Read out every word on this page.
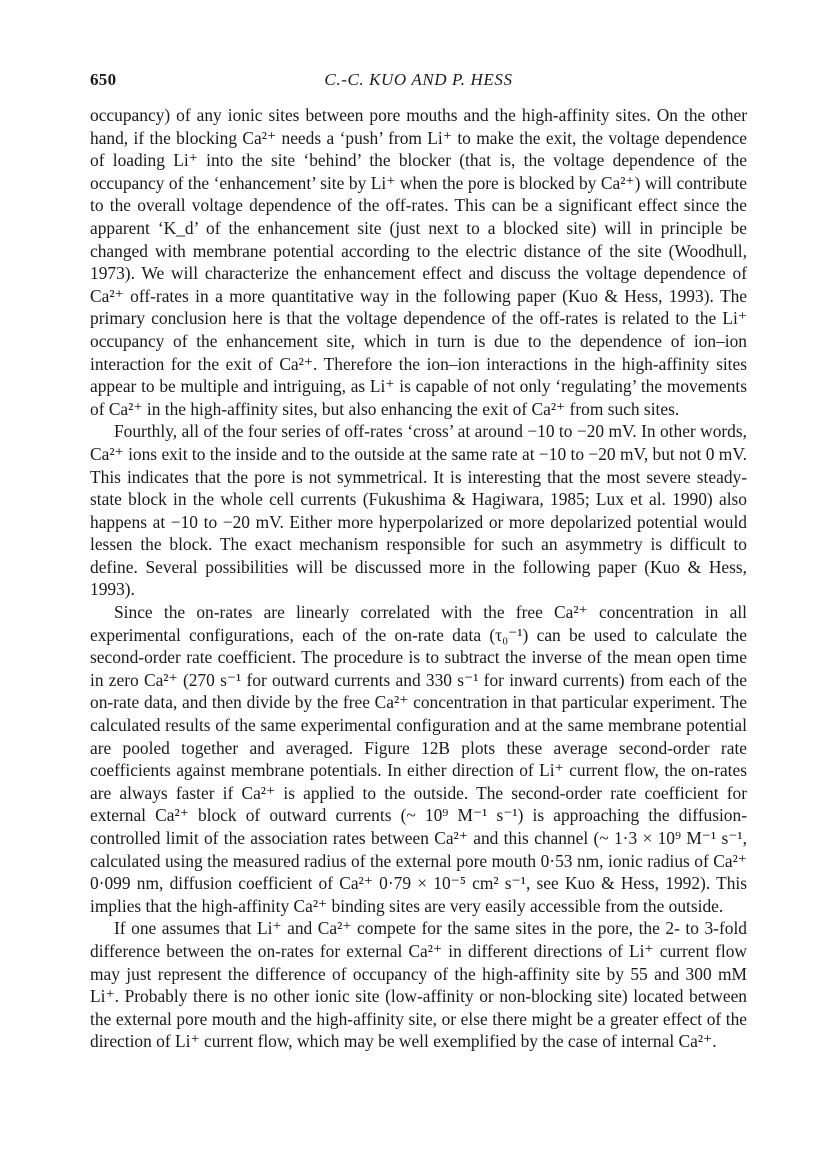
650	C.-C. KUO AND P. HESS

occupancy) of any ionic sites between pore mouths and the high-affinity sites. On the other hand, if the blocking Ca²⁺ needs a ‘push’ from Li⁺ to make the exit, the voltage dependence of loading Li⁺ into the site ‘behind’ the blocker (that is, the voltage dependence of the occupancy of the ‘enhancement’ site by Li⁺ when the pore is blocked by Ca²⁺) will contribute to the overall voltage dependence of the off-rates. This can be a significant effect since the apparent ‘K_d’ of the enhancement site (just next to a blocked site) will in principle be changed with membrane potential according to the electric distance of the site (Woodhull, 1973). We will characterize the enhancement effect and discuss the voltage dependence of Ca²⁺ off-rates in a more quantitative way in the following paper (Kuo & Hess, 1993). The primary conclusion here is that the voltage dependence of the off-rates is related to the Li⁺ occupancy of the enhancement site, which in turn is due to the dependence of ion–ion interaction for the exit of Ca²⁺. Therefore the ion–ion interactions in the high-affinity sites appear to be multiple and intriguing, as Li⁺ is capable of not only ‘regulating’ the movements of Ca²⁺ in the high-affinity sites, but also enhancing the exit of Ca²⁺ from such sites.

Fourthly, all of the four series of off-rates ‘cross’ at around −10 to −20 mV. In other words, Ca²⁺ ions exit to the inside and to the outside at the same rate at −10 to −20 mV, but not 0 mV. This indicates that the pore is not symmetrical. It is interesting that the most severe steady-state block in the whole cell currents (Fukushima & Hagiwara, 1985; Lux et al. 1990) also happens at −10 to −20 mV. Either more hyperpolarized or more depolarized potential would lessen the block. The exact mechanism responsible for such an asymmetry is difficult to define. Several possibilities will be discussed more in the following paper (Kuo & Hess, 1993).

Since the on-rates are linearly correlated with the free Ca²⁺ concentration in all experimental configurations, each of the on-rate data (τ₀⁻¹) can be used to calculate the second-order rate coefficient. The procedure is to subtract the inverse of the mean open time in zero Ca²⁺ (270 s⁻¹ for outward currents and 330 s⁻¹ for inward currents) from each of the on-rate data, and then divide by the free Ca²⁺ concentration in that particular experiment. The calculated results of the same experimental configuration and at the same membrane potential are pooled together and averaged. Figure 12B plots these average second-order rate coefficients against membrane potentials. In either direction of Li⁺ current flow, the on-rates are always faster if Ca²⁺ is applied to the outside. The second-order rate coefficient for external Ca²⁺ block of outward currents (~ 10⁹ M⁻¹ s⁻¹) is approaching the diffusion-controlled limit of the association rates between Ca²⁺ and this channel (~ 1·3 × 10⁹ M⁻¹ s⁻¹, calculated using the measured radius of the external pore mouth 0·53 nm, ionic radius of Ca²⁺ 0·099 nm, diffusion coefficient of Ca²⁺ 0·79 × 10⁻⁵ cm² s⁻¹, see Kuo & Hess, 1992). This implies that the high-affinity Ca²⁺ binding sites are very easily accessible from the outside.

If one assumes that Li⁺ and Ca²⁺ compete for the same sites in the pore, the 2- to 3-fold difference between the on-rates for external Ca²⁺ in different directions of Li⁺ current flow may just represent the difference of occupancy of the high-affinity site by 55 and 300 mM Li⁺. Probably there is no other ionic site (low-affinity or non-blocking site) located between the external pore mouth and the high-affinity site, or else there might be a greater effect of the direction of Li⁺ current flow, which may be well exemplified by the case of internal Ca²⁺.
